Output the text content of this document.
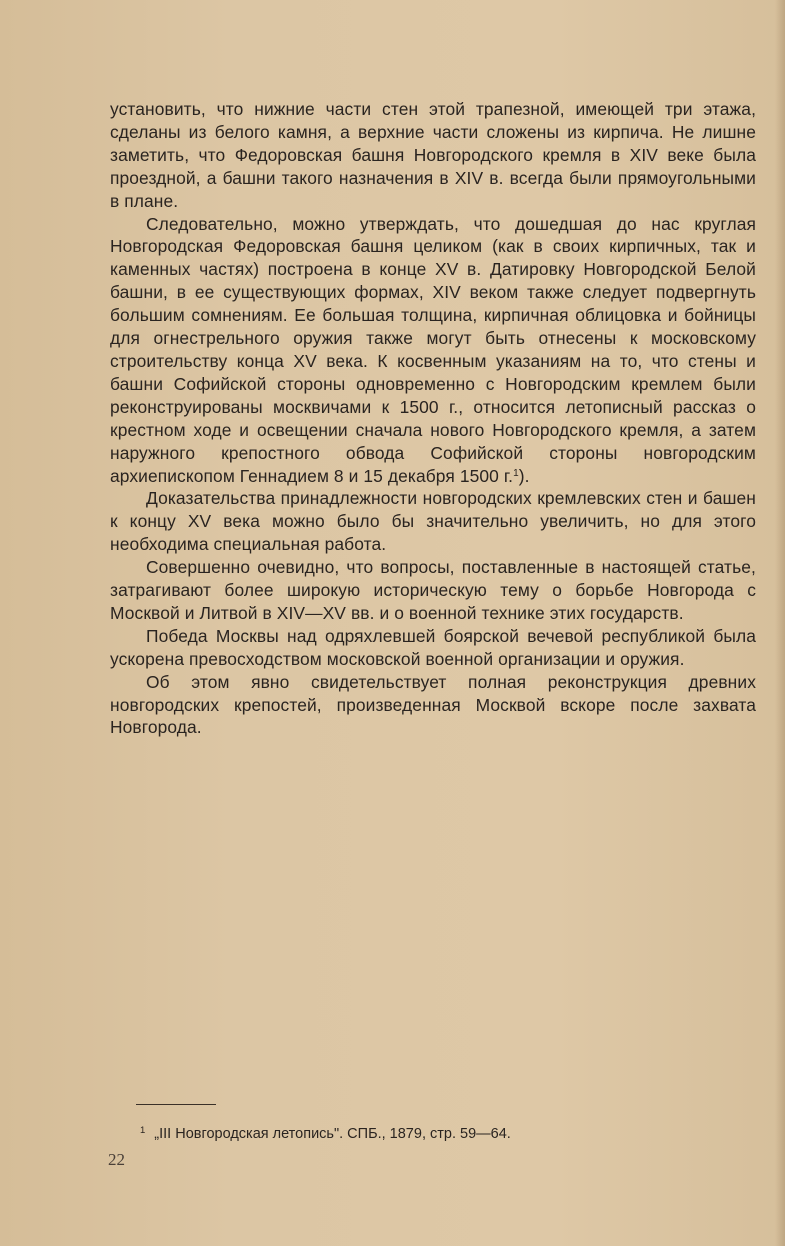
установить, что нижние части стен этой трапезной, имеющей три этажа, сделаны из белого камня, а верхние части сложены из кирпича. Не лишне заметить, что Федоровская башня Новгородского кремля в XIV веке была проездной, а башни такого назначения в XIV в. всегда были прямоугольными в плане.

Следовательно, можно утверждать, что дошедшая до нас круглая Новгородская Федоровская башня целиком (как в своих кирпичных, так и каменных частях) построена в конце XV в. Датировку Новгородской Белой башни, в ее существующих формах, XIV веком также следует подвергнуть большим сомнениям. Ее большая толщина, кирпичная облицовка и бойницы для огнестрельного оружия также могут быть отнесены к московскому строительству конца XV века. К косвенным указаниям на то, что стены и башни Софийской стороны одновременно с Новгородским кремлем были реконструированы москвичами к 1500 г., относится летописный рассказ о крестном ходе и освещении сначала нового Новгородского кремля, а затем наружного крепостного обвода Софийской стороны новгородским архиепископом Геннадием 8 и 15 декабря 1500 г.$^1$).

Доказательства принадлежности новгородских кремлевских стен и башен к концу XV века можно было бы значительно увеличить, но для этого необходима специальная работа.

Совершенно очевидно, что вопросы, поставленные в настоящей статье, затрагивают более широкую историческую тему о борьбе Новгорода с Москвой и Литвой в XIV—XV вв. и о военной технике этих государств.

Победа Москвы над одряхлевшей боярской вечевой республикой была ускорена превосходством московской военной организации и оружия.

Об этом явно свидетельствует полная реконструкция древних новгородских крепостей, произведенная Москвой вскоре после захвата Новгорода.

$^1$ „III Новгородская летопись". СПБ., 1879, стр. 59—64.
22
